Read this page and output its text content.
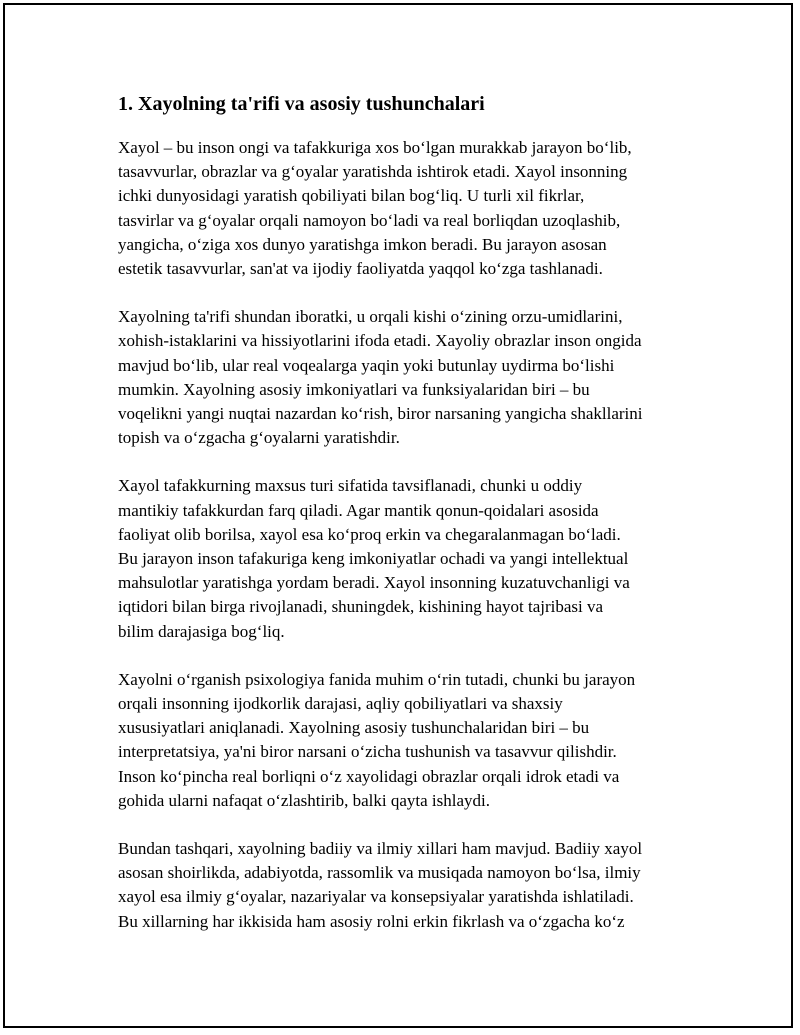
1. Xayolning ta'rifi va asosiy tushunchalari

Xayol – bu inson ongi va tafakkuriga xos bo‘lgan murakkab jarayon bo‘lib,
tasavvurlar, obrazlar va g‘oyalar yaratishda ishtirok etadi. Xayol insonning
ichki dunyosidagi yaratish qobiliyati bilan bog‘liq. U turli xil fikrlar,
tasvirlar va g‘oyalar orqali namoyon bo‘ladi va real borliqdan uzoqlashib,
yangicha, o‘ziga xos dunyo yaratishga imkon beradi. Bu jarayon asosan
estetik tasavvurlar, san'at va ijodiy faoliyatda yaqqol ko‘zga tashlanadi.

Xayolning ta'rifi shundan iboratki, u orqali kishi o‘zining orzu-umidlarini,
xohish-istaklarini va hissiyotlarini ifoda etadi. Xayoliy obrazlar inson ongida
mavjud bo‘lib, ular real voqealarga yaqin yoki butunlay uydirma bo‘lishi
mumkin. Xayolning asosiy imkoniyatlari va funksiyalaridan biri – bu
voqelikni yangi nuqtai nazardan ko‘rish, biror narsaning yangicha shakllarini
topish va o‘zgacha g‘oyalarni yaratishdir.

Xayol tafakkurning maxsus turi sifatida tavsiflanadi, chunki u oddiy
mantikiy tafakkurdan farq qiladi. Agar mantik qonun-qoidalari asosida
faoliyat olib borilsa, xayol esa ko‘proq erkin va chegaralanmagan bo‘ladi.
Bu jarayon inson tafakuriga keng imkoniyatlar ochadi va yangi intellektual
mahsulotlar yaratishga yordam beradi. Xayol insonning kuzatuvchanligi va
iqtidori bilan birga rivojlanadi, shuningdek, kishining hayot tajribasi va
bilim darajasiga bog‘liq.

Xayolni o‘rganish psixologiya fanida muhim o‘rin tutadi, chunki bu jarayon
orqali insonning ijodkorlik darajasi, aqliy qobiliyatlari va shaxsiy
xususiyatlari aniqlanadi. Xayolning asosiy tushunchalaridan biri – bu
interpretatsiya, ya'ni biror narsani o‘zicha tushunish va tasavvur qilishdir.
Inson ko‘pincha real borliqni o‘z xayolidagi obrazlar orqali idrok etadi va
gohida ularni nafaqat o‘zlashtirib, balki qayta ishlaydi.

Bundan tashqari, xayolning badiiy va ilmiy xillari ham mavjud. Badiiy xayol
asosan shoirlikda, adabiyotda, rassomlik va musiqada namoyon bo‘lsa, ilmiy
xayol esa ilmiy g‘oyalar, nazariyalar va konsepsiyalar yaratishda ishlatiladi.
Bu xillarning har ikkisida ham asosiy rolni erkin fikrlash va o‘zgacha ko‘z
